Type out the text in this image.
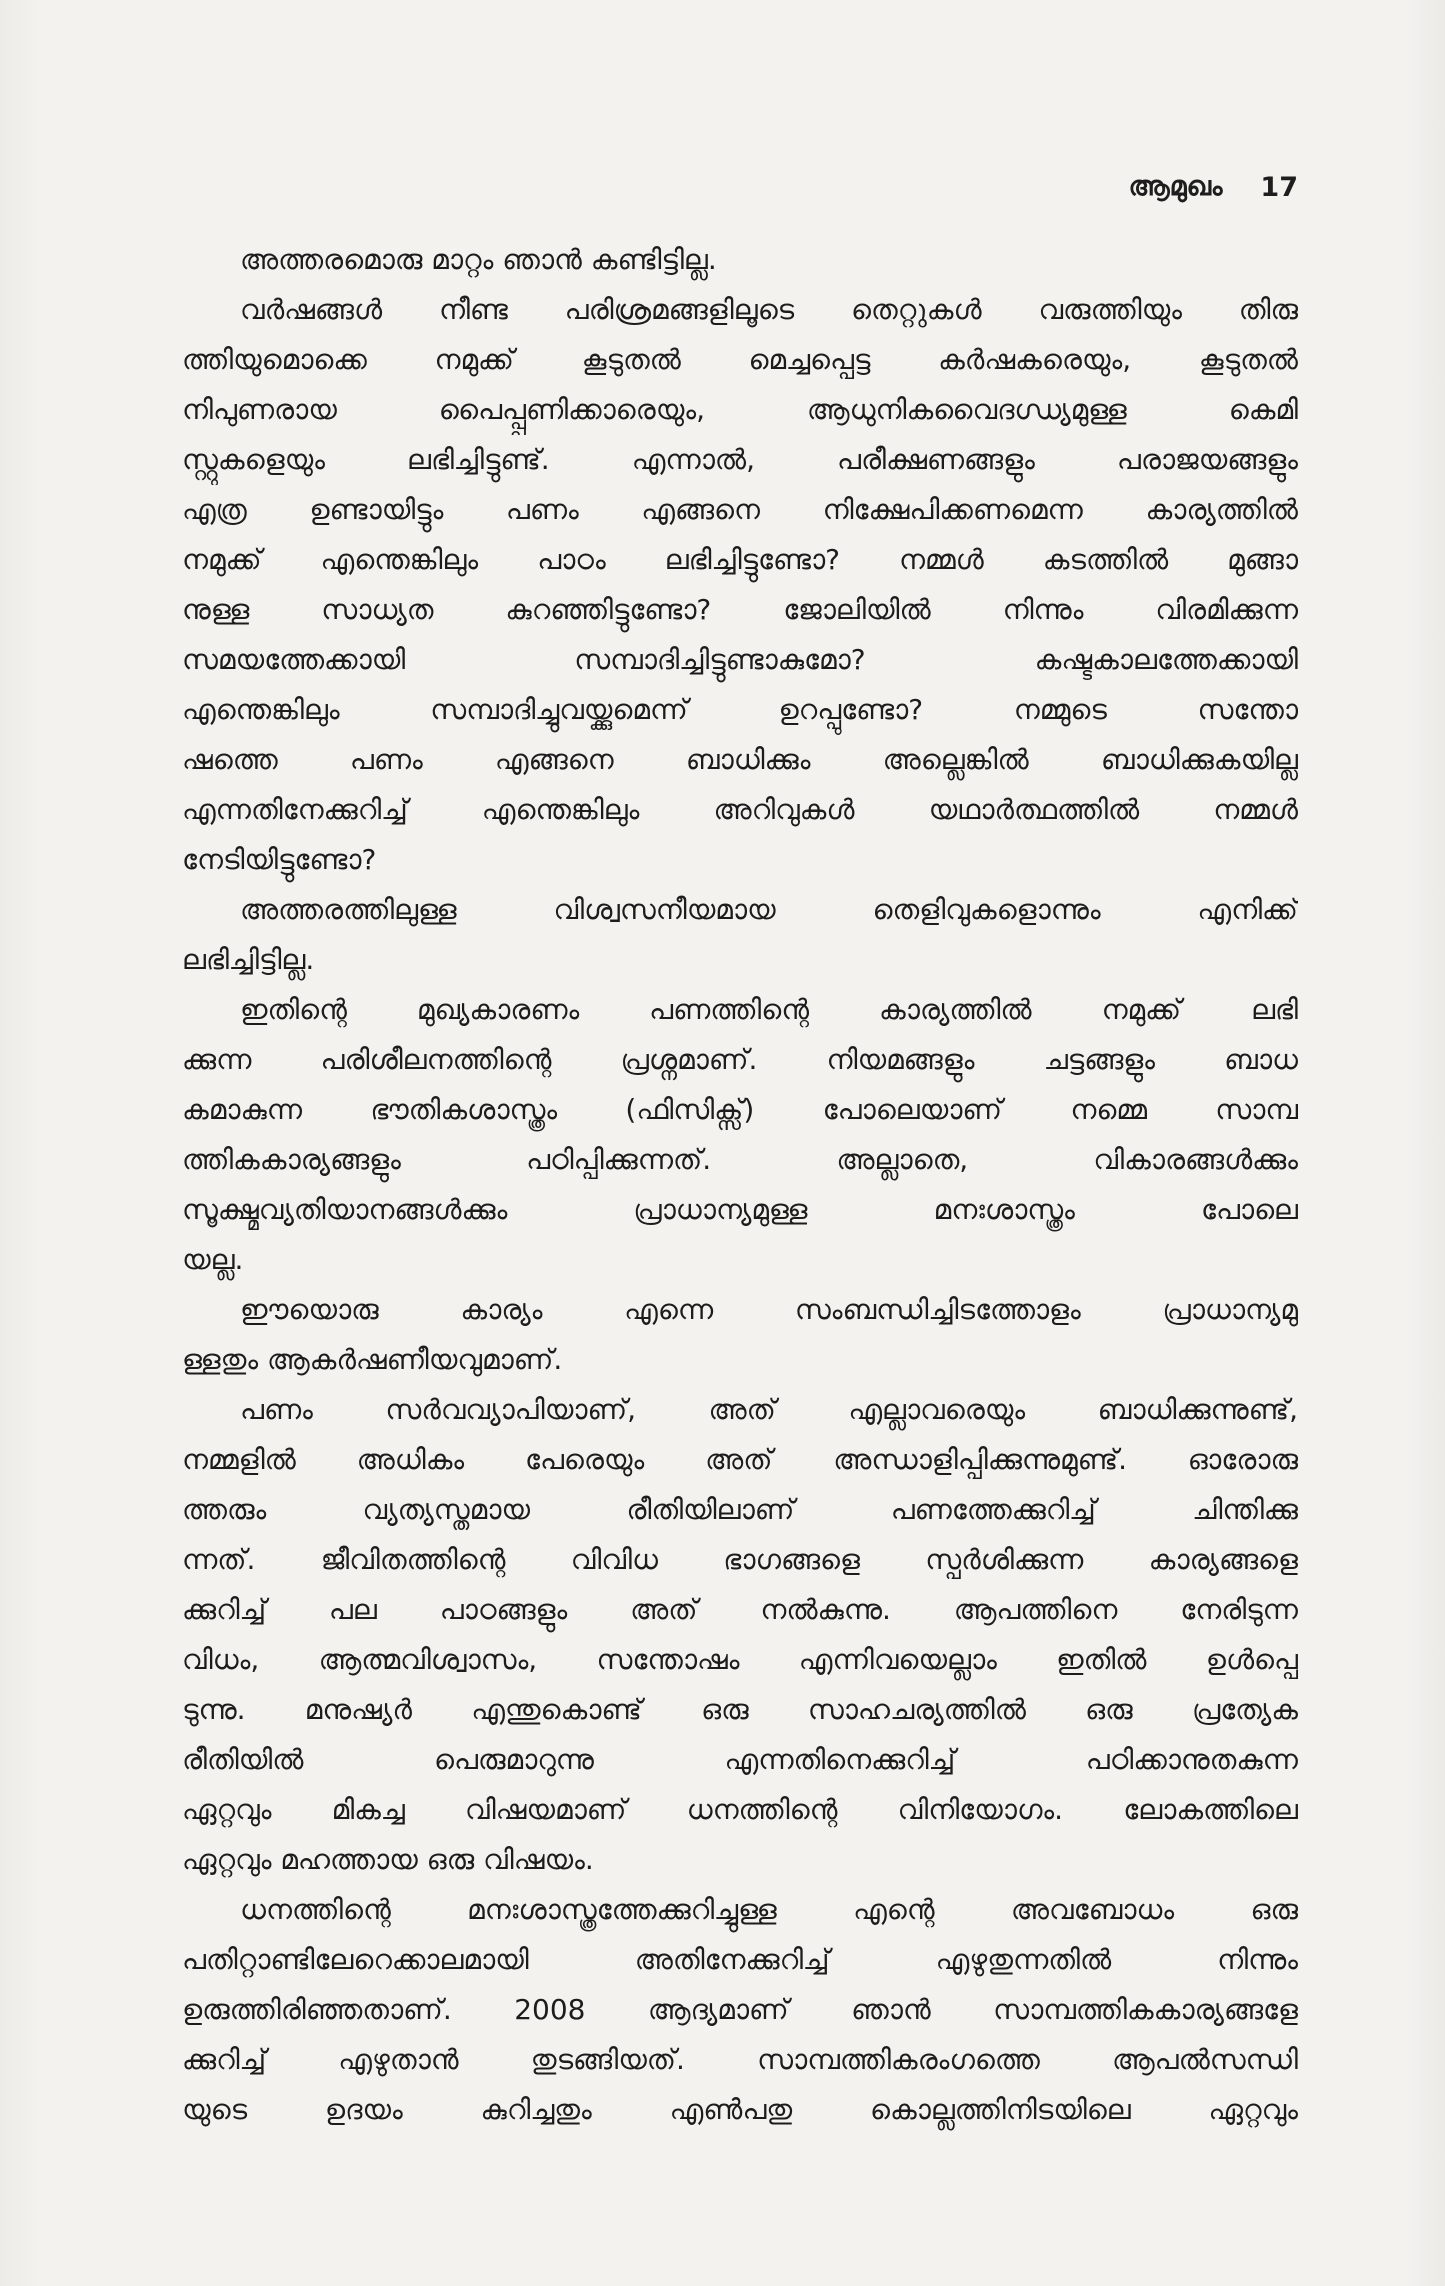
ആമുഖം 17
അത്തരമൊരു മാറ്റം ഞാൻ കണ്ടിട്ടില്ല.
വർഷങ്ങൾ നീണ്ട പരിശ്രമങ്ങളിലൂടെ തെറ്റുകൾ വരുത്തിയും തിരു
ത്തിയുമൊക്കെ നമുക്ക് കൂടുതൽ മെച്ചപ്പെട്ട കർഷകരെയും, കൂടുതൽ
നിപുണരായ പൈപ്പ്പണിക്കാരെയും, ആധുനികവൈദഗ്ധ്യമുള്ള കെമി
സ്റ്റുകളെയും ലഭിച്ചിട്ടുണ്ട്. എന്നാൽ, പരീക്ഷണങ്ങളും പരാജയങ്ങളും
എത്ര ഉണ്ടായിട്ടും പണം എങ്ങനെ നിക്ഷേപിക്കണമെന്ന കാര്യത്തിൽ
നമുക്ക് എന്തെങ്കിലും പാഠം ലഭിച്ചിട്ടുണ്ടോ? നമ്മൾ കടത്തിൽ മുങ്ങാ
നുള്ള സാധ്യത കുറഞ്ഞിട്ടുണ്ടോ? ജോലിയിൽ നിന്നും വിരമിക്കുന്ന
സമയത്തേക്കായി സമ്പാദിച്ചിട്ടുണ്ടാകുമോ? കഷ്ടകാലത്തേക്കായി
എന്തെങ്കിലും സമ്പാദിച്ചുവയ്ക്കുമെന്ന് ഉറപ്പുണ്ടോ? നമ്മുടെ സന്തോ
ഷത്തെ പണം എങ്ങനെ ബാധിക്കും അല്ലെങ്കിൽ ബാധിക്കുകയില്ല
എന്നതിനേക്കുറിച്ച് എന്തെങ്കിലും അറിവുകൾ യഥാർത്ഥത്തിൽ നമ്മൾ
നേടിയിട്ടുണ്ടോ?
അത്തരത്തിലുള്ള വിശ്വസനീയമായ തെളിവുകളൊന്നും എനിക്ക്
ലഭിച്ചിട്ടില്ല.
ഇതിന്റെ മുഖ്യകാരണം പണത്തിന്റെ കാര്യത്തിൽ നമുക്ക് ലഭി
ക്കുന്ന പരിശീലനത്തിന്റെ പ്രശ്നമാണ്. നിയമങ്ങളും ചട്ടങ്ങളും ബാധ
കമാകുന്ന ഭൗതികശാസ്ത്രം (ഫിസിക്സ്) പോലെയാണ് നമ്മെ സാമ്പ
ത്തികകാര്യങ്ങളും പഠിപ്പിക്കുന്നത്. അല്ലാതെ, വികാരങ്ങൾക്കും
സൂക്ഷ്മവ്യതിയാനങ്ങൾക്കും പ്രാധാന്യമുള്ള മനഃശാസ്ത്രം പോലെ
യല്ല.
ഈയൊരു കാര്യം എന്നെ സംബന്ധിച്ചിടത്തോളം പ്രാധാന്യമു
ള്ളതും ആകർഷണീയവുമാണ്.
പണം സർവവ്യാപിയാണ്, അത് എല്ലാവരെയും ബാധിക്കുന്നുണ്ട്,
നമ്മളിൽ അധികം പേരെയും അത് അന്ധാളിപ്പിക്കുന്നുമുണ്ട്. ഓരോരു
ത്തരും വ്യത്യസ്തമായ രീതിയിലാണ് പണത്തേക്കുറിച്ച് ചിന്തിക്കു
ന്നത്. ജീവിതത്തിന്റെ വിവിധ ഭാഗങ്ങളെ സ്പർശിക്കുന്ന കാര്യങ്ങളെ
ക്കുറിച്ച് പല പാഠങ്ങളും അത് നൽകുന്നു. ആപത്തിനെ നേരിടുന്ന
വിധം, ആത്മവിശ്വാസം, സന്തോഷം എന്നിവയെല്ലാം ഇതിൽ ഉൾപ്പെ
ടുന്നു. മനുഷ്യർ എന്തുകൊണ്ട് ഒരു സാഹചര്യത്തിൽ ഒരു പ്രത്യേക
രീതിയിൽ പെരുമാറുന്നു എന്നതിനെക്കുറിച്ച് പഠിക്കാനുതകുന്ന
ഏറ്റവും മികച്ച വിഷയമാണ് ധനത്തിന്റെ വിനിയോഗം. ലോകത്തിലെ
ഏറ്റവും മഹത്തായ ഒരു വിഷയം.
ധനത്തിന്റെ മനഃശാസ്ത്രത്തേക്കുറിച്ചുള്ള എന്റെ അവബോധം ഒരു
പതിറ്റാണ്ടിലേറെക്കാലമായി അതിനേക്കുറിച്ച് എഴുതുന്നതിൽ നിന്നും
ഉരുത്തിരിഞ്ഞതാണ്. 2008 ആദ്യമാണ് ഞാൻ സാമ്പത്തികകാര്യങ്ങളേ
ക്കുറിച്ച് എഴുതാൻ തുടങ്ങിയത്. സാമ്പത്തികരംഗത്തെ ആപൽസന്ധി
യുടെ ഉദയം കുറിച്ചതും എൺപതു കൊല്ലത്തിനിടയിലെ ഏറ്റവും
